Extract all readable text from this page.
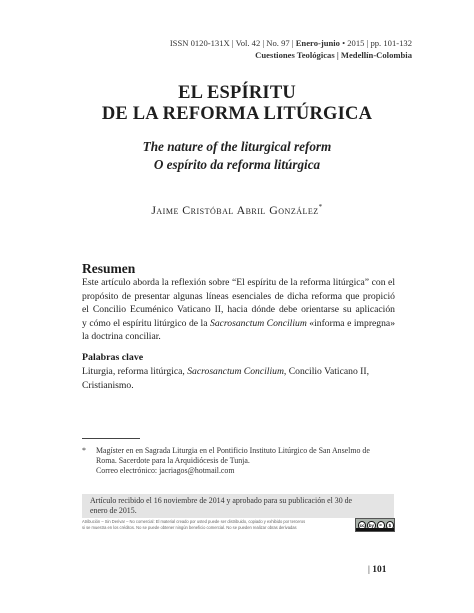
ISSN 0120-131X | Vol. 42 | No. 97 | Enero-junio • 2015 | pp. 101-132
Cuestiones Teológicas | Medellín-Colombia
EL ESPÍRITU
DE LA REFORMA LITÚRGICA
The nature of the liturgical reform
O espírito da reforma litúrgica
Jaime Cristóbal Abril González*
Resumen
Este artículo aborda la reflexión sobre “El espíritu de la reforma litúrgica” con el
propósito de presentar algunas líneas esenciales de dicha reforma que propició
el Concilio Ecuménico Vaticano II, hacia dónde debe orientarse su aplicación
y cómo el espíritu litúrgico de la Sacrosanctum Concilium «informa e impregna»
la doctrina conciliar.
Palabras clave
Liturgia, reforma litúrgica, Sacrosanctum Concilium, Concilio Vaticano II,
Cristianismo.
* Magíster en en Sagrada Liturgia en el Pontificio Instituto Litúrgico de San Anselmo de
Roma. Sacerdote para la Arquidiócesis de Tunja.
Correo electrónico: jacriagos@hotmail.com
Artículo recibido el 16 noviembre de 2014 y aprobado para su publicación el 30 de
enero de 2015.
Atribución – Sin Derivar – No comercial: El material creado por usted puede ser distribuido, copiado y exhibido por terceros
si se muestra en los créditos. No se puede obtener ningún beneficio comercial. No se pueden realizar obras derivadas	cc by	=	$
| 101
